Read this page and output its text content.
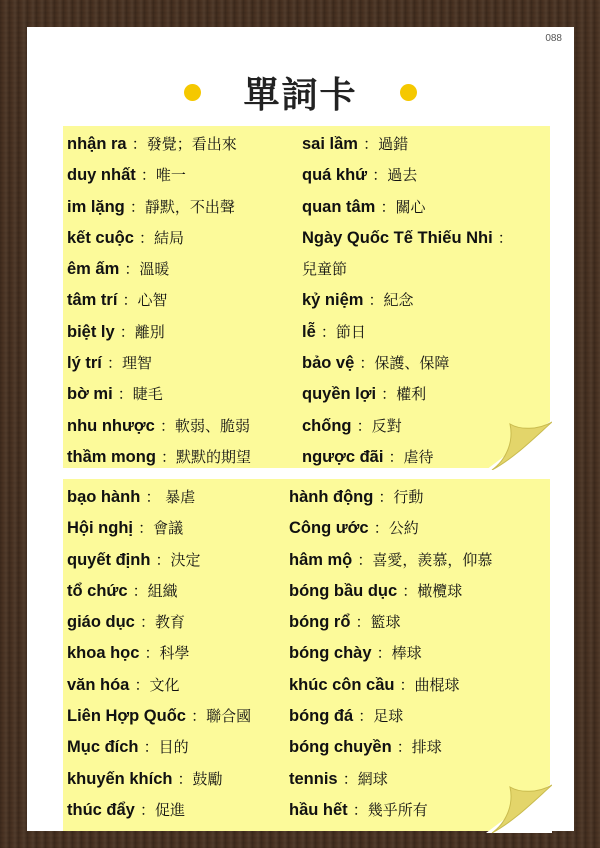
088
單詞卡
nhận ra ：發覺；看出來
duy nhất ：唯一
im lặng ：靜默，不出聲
kết cuộc ：結局
êm ấm ：溫暖
tâm trí ：心智
biệt ly ：離別
lý trí ：理智
bờ mi ：睫毛
nhu nhược ：軟弱、脆弱
thầm mong ：默默的期望
sai lầm ：過錯
quá khứ ：過去
quan tâm ：關心
Ngày Quốc Tế Thiếu Nhi ：
兒童節
kỷ niệm ：紀念
lễ ：節日
bảo vệ ：保護、保障
quyền lợi ：權利
chống ：反對
ngược đãi ：虐待
bạo hành ： 暴虐
Hội nghị ：會議
quyết định ：決定
tổ chức ：組織
giáo dục ：教育
khoa học ：科學
văn hóa ：文化
Liên Hợp Quốc ：聯合國
Mục đích ：目的
khuyến khích ：鼓勵
thúc đẩy ：促進
hành động ：行動
Công ước ：公約
hâm mộ ：喜愛，羨慕，仰慕
bóng bầu dục ：橄欖球
bóng rổ ：籃球
bóng chày ：棒球
khúc côn cầu ：曲棍球
bóng đá ：足球
bóng chuyền ：排球
tennis ：網球
hầu hết ：幾乎所有
